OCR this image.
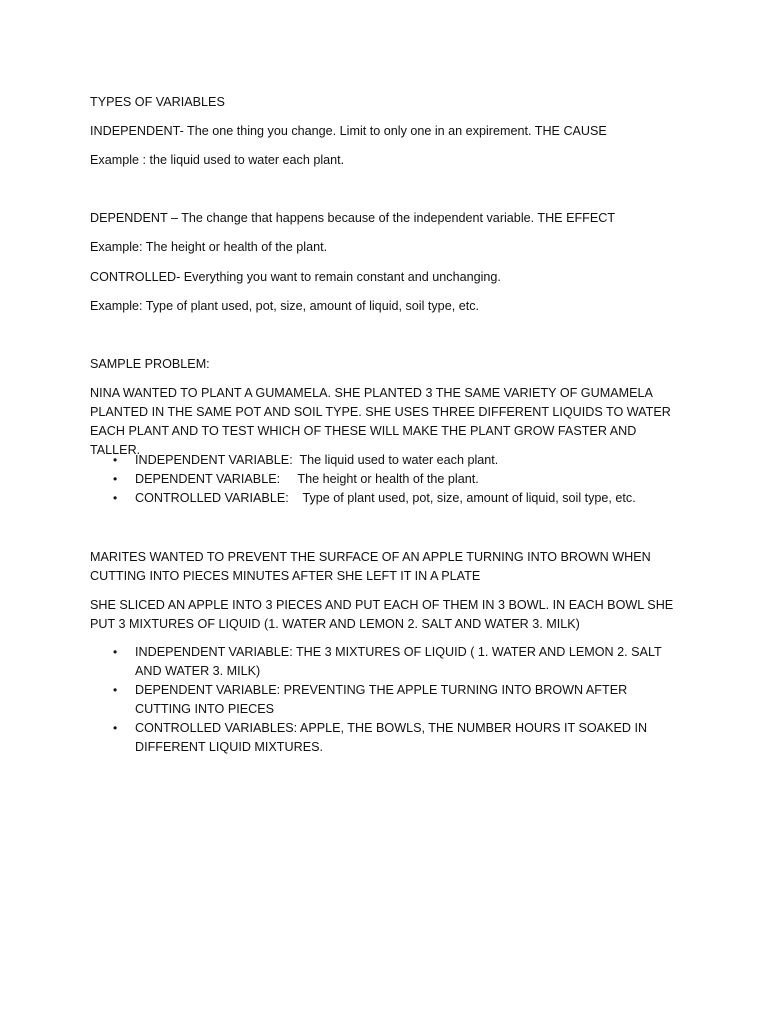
TYPES OF VARIABLES
INDEPENDENT- The one thing you change. Limit to only one in an expirement. THE CAUSE
Example : the liquid used to water each plant.
DEPENDENT – The change that happens because of the independent variable. THE EFFECT
Example: The height or health of the plant.
CONTROLLED- Everything you want to remain constant and unchanging.
Example: Type of plant used, pot, size, amount of liquid, soil type, etc.
SAMPLE PROBLEM:
NINA WANTED TO PLANT A GUMAMELA. SHE PLANTED 3 THE SAME VARIETY OF GUMAMELA PLANTED IN THE SAME POT AND SOIL TYPE. SHE USES THREE DIFFERENT LIQUIDS TO WATER EACH PLANT AND TO TEST WHICH OF THESE WILL MAKE THE PLANT GROW FASTER AND TALLER.
• INDEPENDENT VARIABLE:  The liquid used to water each plant.
• DEPENDENT VARIABLE:     The height or health of the plant.
• CONTROLLED VARIABLE:    Type of plant used, pot, size, amount of liquid, soil type, etc.
MARITES WANTED TO PREVENT THE SURFACE OF AN APPLE TURNING INTO BROWN WHEN CUTTING INTO PIECES MINUTES AFTER SHE LEFT IT IN A PLATE
SHE SLICED AN APPLE INTO 3 PIECES AND PUT EACH OF THEM IN 3 BOWL. IN EACH BOWL SHE PUT 3 MIXTURES OF LIQUID (1. WATER AND LEMON 2. SALT AND WATER 3. MILK)
• INDEPENDENT VARIABLE: THE 3 MIXTURES OF LIQUID ( 1. WATER AND LEMON 2. SALT AND WATER 3. MILK)
• DEPENDENT VARIABLE: PREVENTING THE APPLE TURNING INTO BROWN AFTER CUTTING INTO PIECES
• CONTROLLED VARIABLES: APPLE, THE BOWLS, THE NUMBER HOURS IT SOAKED IN DIFFERENT LIQUID MIXTURES.
